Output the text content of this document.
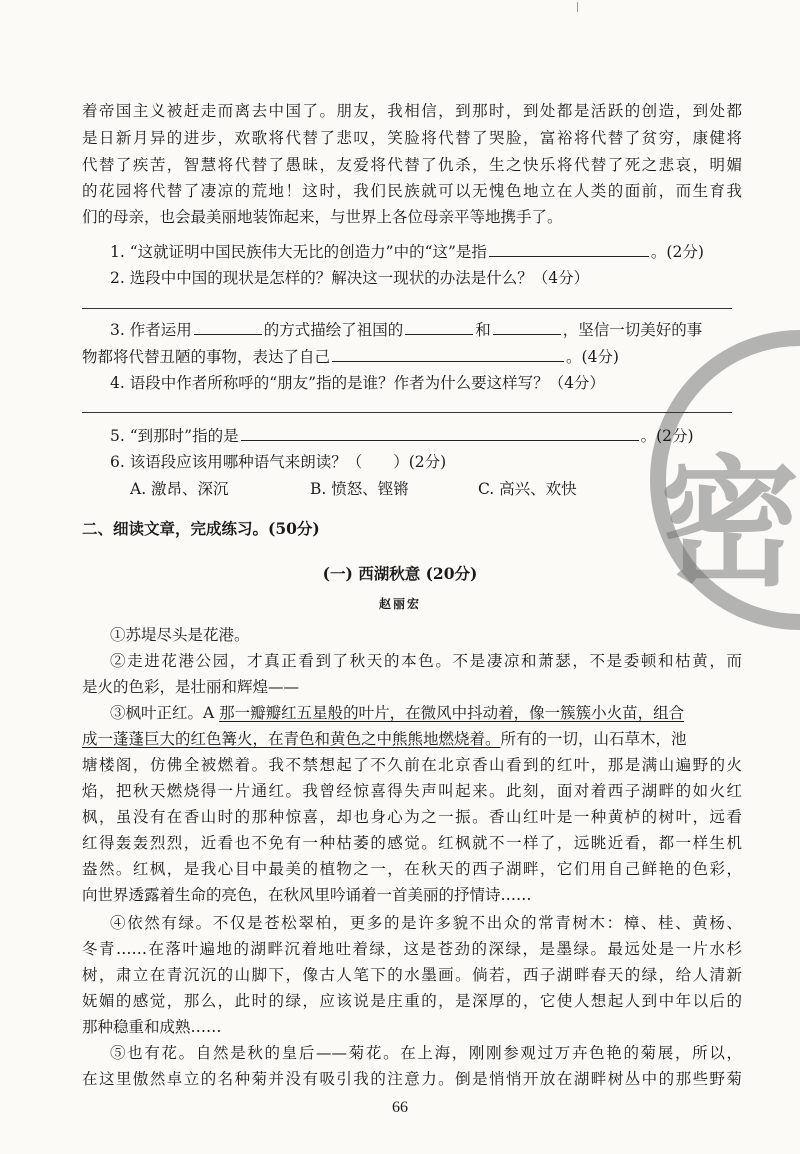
密
着帝国主义被赶走而离去中国了。朋友，我相信，到那时，到处都是活跃的创造，到处都
是日新月异的进步，欢歌将代替了悲叹，笑脸将代替了哭脸，富裕将代替了贫穷，康健将
代替了疾苦，智慧将代替了愚昧，友爱将代替了仇杀，生之快乐将代替了死之悲哀，明媚
的花园将代替了凄凉的荒地！这时，我们民族就可以无愧色地立在人类的面前，而生育我
们的母亲，也会最美丽地装饰起来，与世界上各位母亲平等地携手了。
1. “这就证明中国民族伟大无比的创造力”中的“这”是指	。(2分)
2. 选段中中国的现状是怎样的？解决这一现状的办法是什么？（4分）
3. 作者运用	的方式描绘了祖国的	和	，坚信一切美好的事
物都将代替丑陋的事物，表达了自己	。(4分)
4. 语段中作者所称呼的“朋友”指的是谁？作者为什么要这样写？（4分）
5. “到那时”指的是	。(2分)
6. 该语段应该用哪种语气来朗读？（　　）(2分)
A. 激昂、深沉	B. 愤怒、铿锵	C. 高兴、欢快
二、细读文章，完成练习。(50分)
(一) 西湖秋意 (20分)
赵丽宏
①苏堤尽头是花港。
②走进花港公园，才真正看到了秋天的本色。不是凄凉和萧瑟，不是委顿和枯黄，而
是火的色彩，是壮丽和辉煌——
③枫叶正红。A 那一瓣瓣红五星般的叶片，在微风中抖动着，像一簇簇小火苗，组合
成一蓬蓬巨大的红色篝火，在青色和黄色之中熊熊地燃烧着。所有的一切，山石草木，池
塘楼阁，仿佛全被燃着。我不禁想起了不久前在北京香山看到的红叶，那是满山遍野的火
焰，把秋天燃烧得一片通红。我曾经惊喜得失声叫起来。此刻，面对着西子湖畔的如火红
枫，虽没有在香山时的那种惊喜，却也身心为之一振。香山红叶是一种黄栌的树叶，远看
红得轰轰烈烈，近看也不免有一种枯萎的感觉。红枫就不一样了，远眺近看，都一样生机
盎然。红枫，是我心目中最美的植物之一，在秋天的西子湖畔，它们用自己鲜艳的色彩，
向世界透露着生命的亮色，在秋风里吟诵着一首美丽的抒情诗……
④依然有绿。不仅是苍松翠柏，更多的是许多貌不出众的常青树木：樟、桂、黄杨、
冬青……在落叶遍地的湖畔沉着地吐着绿，这是苍劲的深绿，是墨绿。最远处是一片水杉
树，肃立在青沉沉的山脚下，像古人笔下的水墨画。倘若，西子湖畔春天的绿，给人清新
妩媚的感觉，那么，此时的绿，应该说是庄重的，是深厚的，它使人想起人到中年以后的
那种稳重和成熟……
⑤也有花。自然是秋的皇后——菊花。在上海，刚刚参观过万卉色艳的菊展，所以，
在这里傲然卓立的名种菊并没有吸引我的注意力。倒是悄悄开放在湖畔树丛中的那些野菊
66
